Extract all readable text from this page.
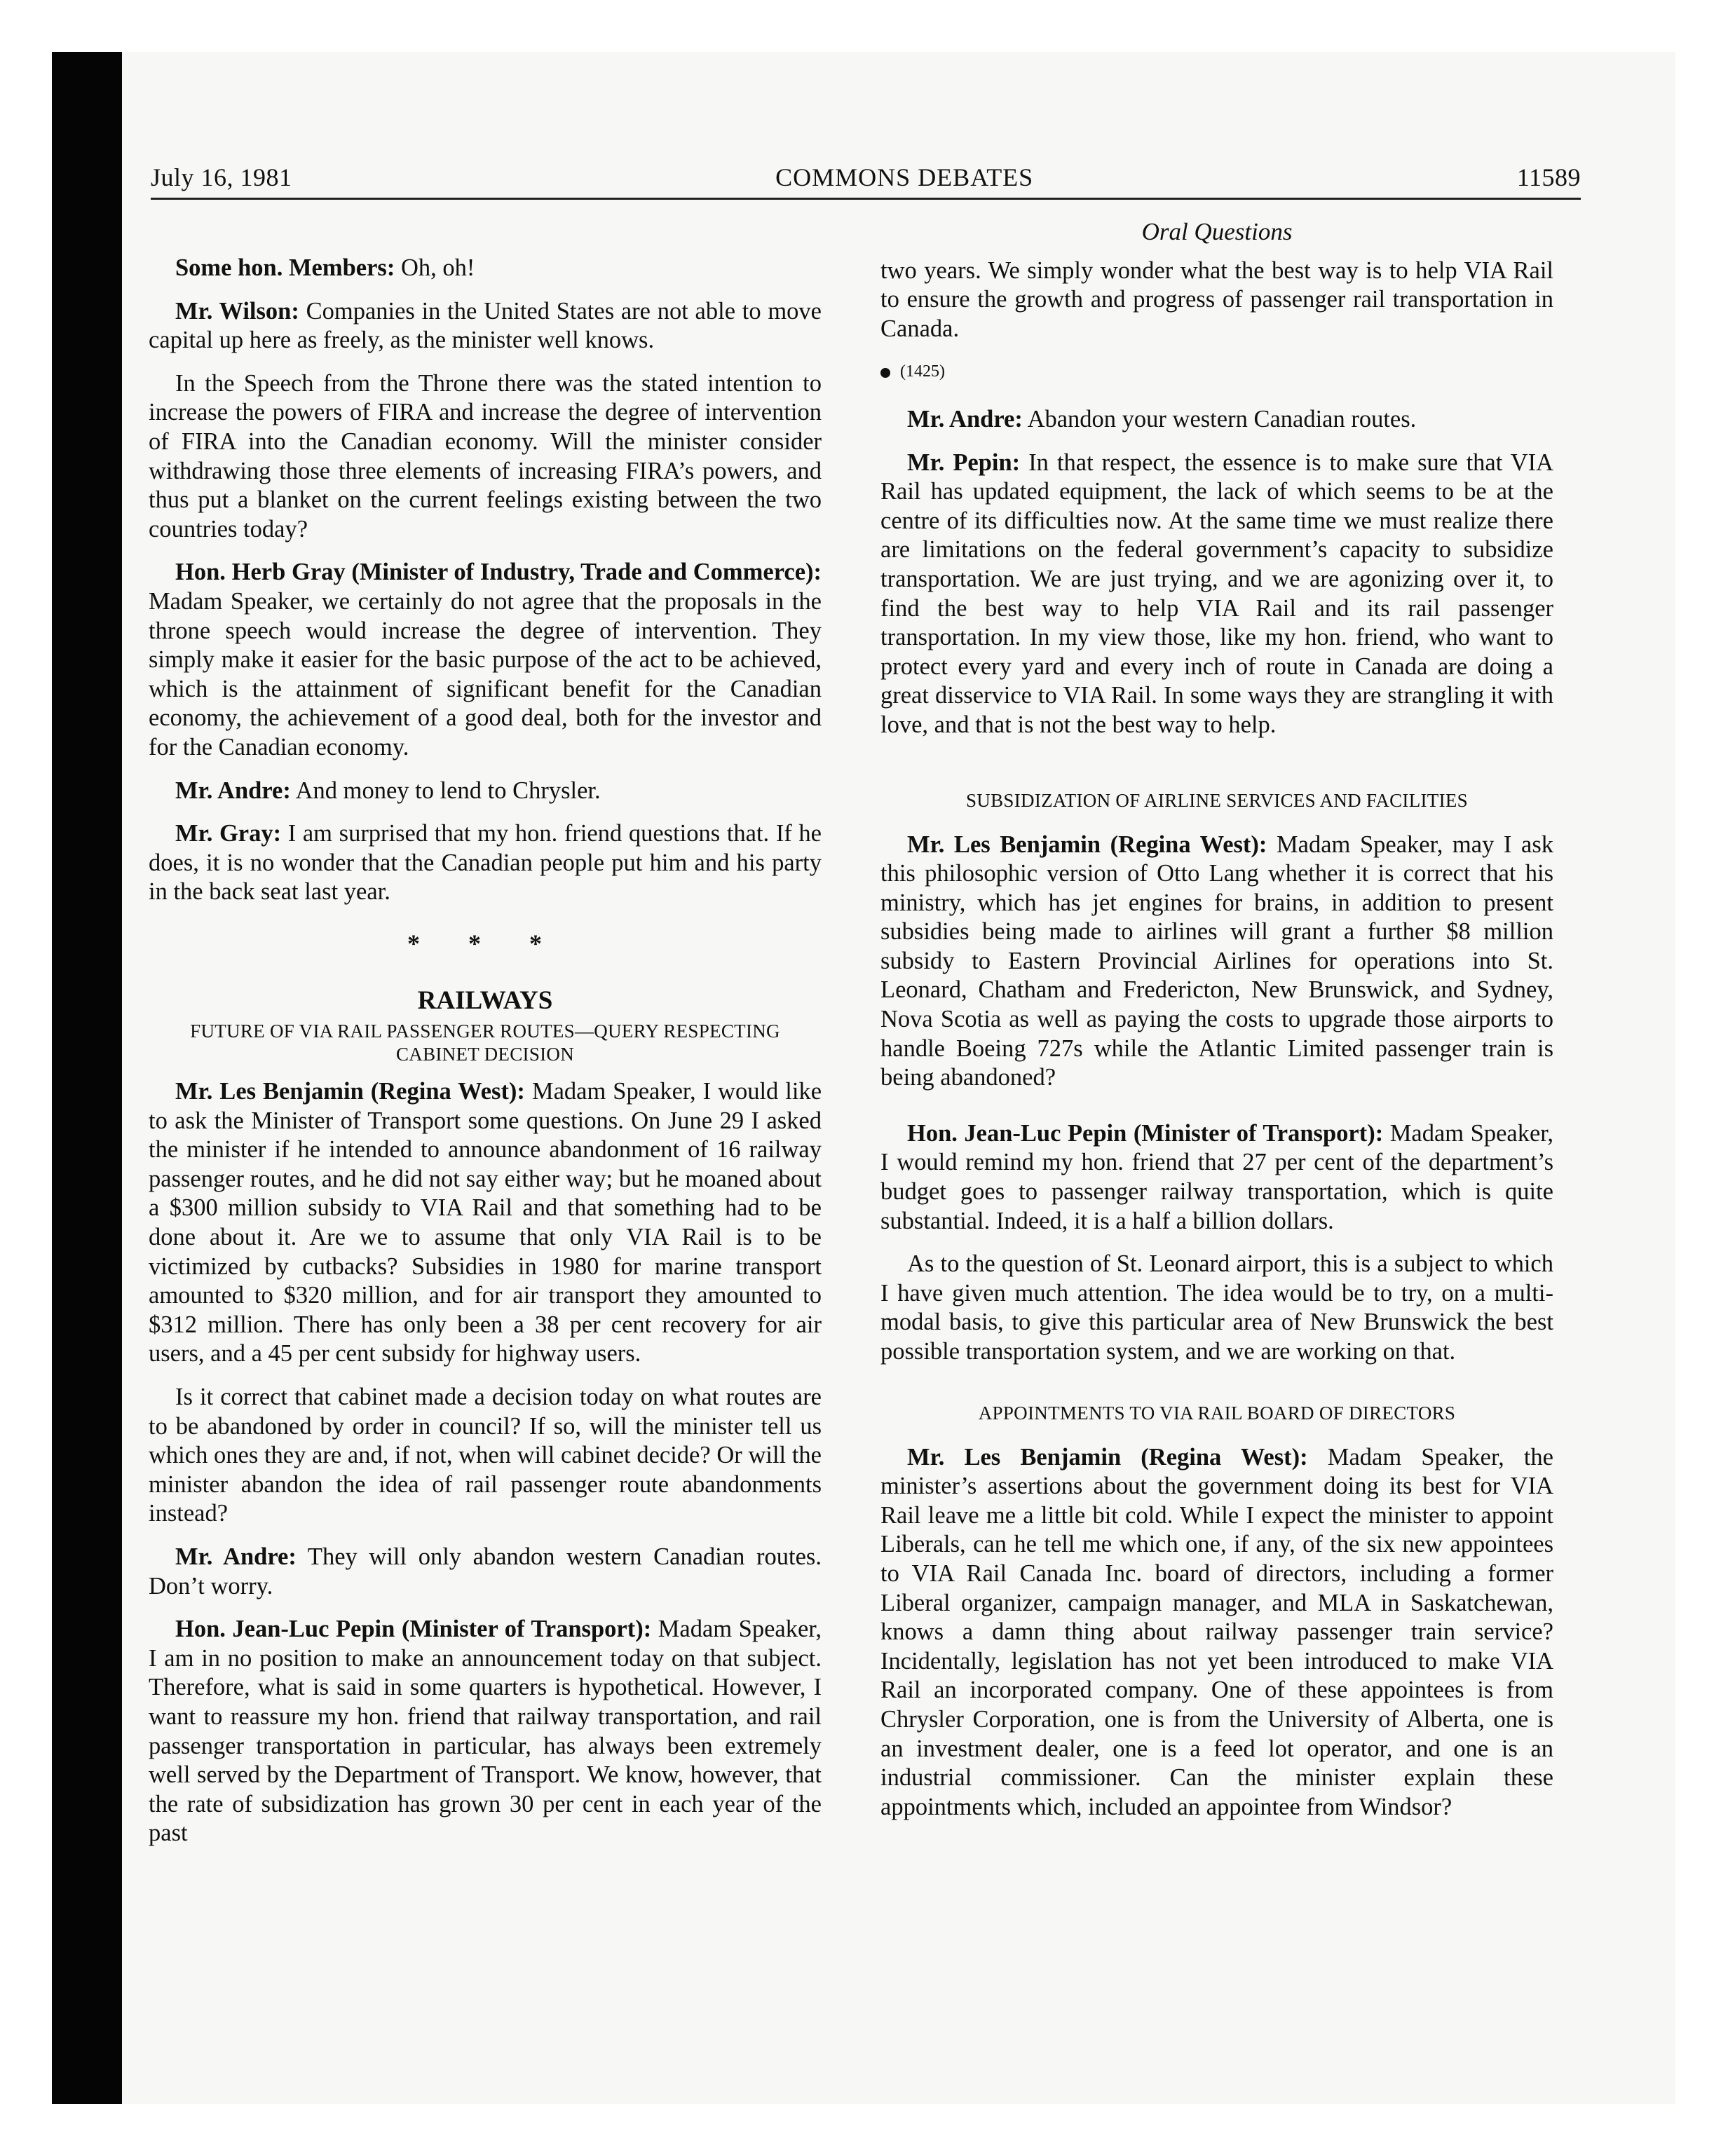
July 16, 1981	COMMONS DEBATES	11589

Some hon. Members: Oh, oh!

Mr. Wilson: Companies in the United States are not able to move capital up here as freely, as the minister well knows.

In the Speech from the Throne there was the stated intention to increase the powers of FIRA and increase the degree of intervention of FIRA into the Canadian economy. Will the minister consider withdrawing those three elements of increasing FIRA’s powers, and thus put a blanket on the current feelings existing between the two countries today?

Hon. Herb Gray (Minister of Industry, Trade and Commerce): Madam Speaker, we certainly do not agree that the proposals in the throne speech would increase the degree of intervention. They simply make it easier for the basic purpose of the act to be achieved, which is the attainment of significant benefit for the Canadian economy, the achievement of a good deal, both for the investor and for the Canadian economy.

Mr. Andre: And money to lend to Chrysler.

Mr. Gray: I am surprised that my hon. friend questions that. If he does, it is no wonder that the Canadian people put him and his party in the back seat last year.

* * *

RAILWAYS

FUTURE OF VIA RAIL PASSENGER ROUTES—QUERY RESPECTING CABINET DECISION

Mr. Les Benjamin (Regina West): Madam Speaker, I would like to ask the Minister of Transport some questions. On June 29 I asked the minister if he intended to announce abandonment of 16 railway passenger routes, and he did not say either way; but he moaned about a $300 million subsidy to VIA Rail and that something had to be done about it. Are we to assume that only VIA Rail is to be victimized by cutbacks? Subsidies in 1980 for marine transport amounted to $320 million, and for air transport they amounted to $312 million. There has only been a 38 per cent recovery for air users, and a 45 per cent subsidy for highway users.

Is it correct that cabinet made a decision today on what routes are to be abandoned by order in council? If so, will the minister tell us which ones they are and, if not, when will cabinet decide? Or will the minister abandon the idea of rail passenger route abandonments instead?

Mr. Andre: They will only abandon western Canadian routes. Don’t worry.

Hon. Jean-Luc Pepin (Minister of Transport): Madam Speaker, I am in no position to make an announcement today on that subject. Therefore, what is said in some quarters is hypothetical. However, I want to reassure my hon. friend that railway transportation, and rail passenger transportation in particular, has always been extremely well served by the Department of Transport. We know, however, that the rate of subsidization has grown 30 per cent in each year of the past

Oral Questions

two years. We simply wonder what the best way is to help VIA Rail to ensure the growth and progress of passenger rail transportation in Canada.

(1425)

Mr. Andre: Abandon your western Canadian routes.

Mr. Pepin: In that respect, the essence is to make sure that VIA Rail has updated equipment, the lack of which seems to be at the centre of its difficulties now. At the same time we must realize there are limitations on the federal government’s capacity to subsidize transportation. We are just trying, and we are agonizing over it, to find the best way to help VIA Rail and its rail passenger transportation. In my view those, like my hon. friend, who want to protect every yard and every inch of route in Canada are doing a great disservice to VIA Rail. In some ways they are strangling it with love, and that is not the best way to help.

SUBSIDIZATION OF AIRLINE SERVICES AND FACILITIES

Mr. Les Benjamin (Regina West): Madam Speaker, may I ask this philosophic version of Otto Lang whether it is correct that his ministry, which has jet engines for brains, in addition to present subsidies being made to airlines will grant a further $8 million subsidy to Eastern Provincial Airlines for operations into St. Leonard, Chatham and Fredericton, New Brunswick, and Sydney, Nova Scotia as well as paying the costs to upgrade those airports to handle Boeing 727s while the Atlantic Limited passenger train is being abandoned?

Hon. Jean-Luc Pepin (Minister of Transport): Madam Speaker, I would remind my hon. friend that 27 per cent of the department’s budget goes to passenger railway transportation, which is quite substantial. Indeed, it is a half a billion dollars.

As to the question of St. Leonard airport, this is a subject to which I have given much attention. The idea would be to try, on a multi-modal basis, to give this particular area of New Brunswick the best possible transportation system, and we are working on that.

APPOINTMENTS TO VIA RAIL BOARD OF DIRECTORS

Mr. Les Benjamin (Regina West): Madam Speaker, the minister’s assertions about the government doing its best for VIA Rail leave me a little bit cold. While I expect the minister to appoint Liberals, can he tell me which one, if any, of the six new appointees to VIA Rail Canada Inc. board of directors, including a former Liberal organizer, campaign manager, and MLA in Saskatchewan, knows a damn thing about railway passenger train service? Incidentally, legislation has not yet been introduced to make VIA Rail an incorporated company. One of these appointees is from Chrysler Corporation, one is from the University of Alberta, one is an investment dealer, one is a feed lot operator, and one is an industrial commissioner. Can the minister explain these appointments which, included an appointee from Windsor?
